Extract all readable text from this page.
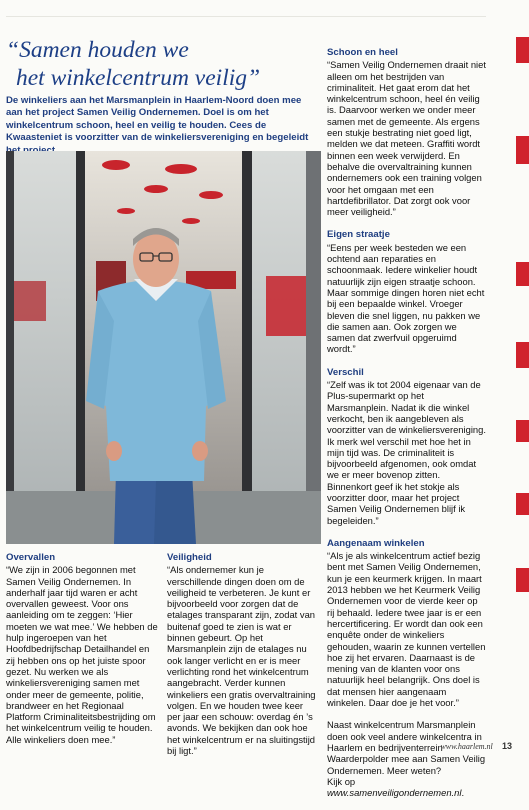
“Samen houden we
het winkelcentrum veilig”

De winkeliers aan het Marsmanplein in Haarlem-Noord doen mee aan het project Samen Veilig Ondernemen. Doel is om het winkelcentrum schoon, heel en veilig te houden. Cees de Kwaasteniet is voorzitter van de winkeliersvereniging en begeleidt

Foto: Jordan Hoolan
Overvallen

“We zijn in 2006 begonnen met Samen Veilig Ondernemen. In anderhalf jaar tijd waren er acht overvallen geweest. Voor ons aanleiding om te zeggen: ‘Hier moeten we wat mee.’ We hebben de hulp ingeroepen van het Hoofdbedrijfschap Detailhandel en zij hebben ons op het juiste spoor gezet. Nu werken we als winkeliersvereniging samen met onder meer de gemeente, politie, brandweer en het Regionaal Platform Criminaliteitsbestrijding om het winkelcentrum veilig te houden. Alle winkeliers doen mee.”

Veiligheid

“Als ondernemer kun je verschillende dingen doen om de veiligheid te verbeteren. Je kunt er bijvoorbeeld voor zorgen dat de etalages transparant zijn, zodat van buitenaf goed te zien is wat er binnen gebeurt. Op het Marsmanplein zijn de etalages nu ook langer verlicht en er is meer verlichting rond het winkelcentrum aangebracht. Verder kunnen winkeliers een gratis overvaltraining volgen. En we houden twee keer per jaar een schouw: overdag én ’s avonds. We bekijken dan ook hoe het winkelcentrum er na sluitingstijd bij ligt.”

Schoon en heel

“Samen Veilig Ondernemen draait niet alleen om het bestrijden van criminaliteit. Het gaat erom dat het winkelcentrum schoon, heel én veilig is. Daarvoor werken we onder meer samen met de gemeente. Als ergens een stukje bestrating niet goed ligt, melden we dat meteen. Graffiti wordt binnen een week verwijderd. En behalve die overvaltraining kunnen ondernemers ook een training volgen voor het omgaan met een hartdefibrillator. Dat zorgt ook voor meer veiligheid.”

Eigen straatje

“Eens per week besteden we een ochtend aan reparaties en schoonmaak. Iedere winkelier houdt natuurlijk zijn eigen straatje schoon. Maar sommige dingen horen niet echt bij een bepaalde winkel. Vroeger bleven die snel liggen, nu pakken we die samen aan. Ook zorgen we samen dat zwerfvuil opgeruimd wordt.”

Verschil

“Zelf was ik tot 2004 eigenaar van de Plus-supermarkt op het Marsmanplein. Nadat ik die winkel verkocht, ben ik aangebleven als voorzitter van de winkeliersvereniging. Ik merk wel verschil met hoe het in mijn tijd was. De criminaliteit is bijvoorbeeld afgenomen, ook omdat we er meer bovenop zitten. Binnenkort geef ik het stokje als voorzitter door, maar het project Samen Veilig Ondernemen blijf ik begeleiden.”

Aangenaam winkelen

“Als je als winkelcentrum actief bezig bent met Samen Veilig Ondernemen, kun je een keurmerk krijgen. In maart 2013 hebben we het Keurmerk Veilig Ondernemen voor de vierde keer op rij behaald. Iedere twee jaar is er een hercertificering. Er wordt dan ook een enquête onder de winkeliers gehouden, waarin ze kunnen vertellen hoe zij het ervaren. Daarnaast is de mening van de klanten voor ons natuurlijk heel belangrijk. Ons doel is dat mensen hier aangenaam winkelen. Daar doe je het voor.”

Naast winkelcentrum Marsmanplein doen ook veel andere winkelcentra in Haarlem en bedrijventerrein Waarderpolder mee aan Samen Veilig Ondernemen. Meer weten?
Kijk op www.samenveiligondernemen.nl.

www.haarlem.nl 13
